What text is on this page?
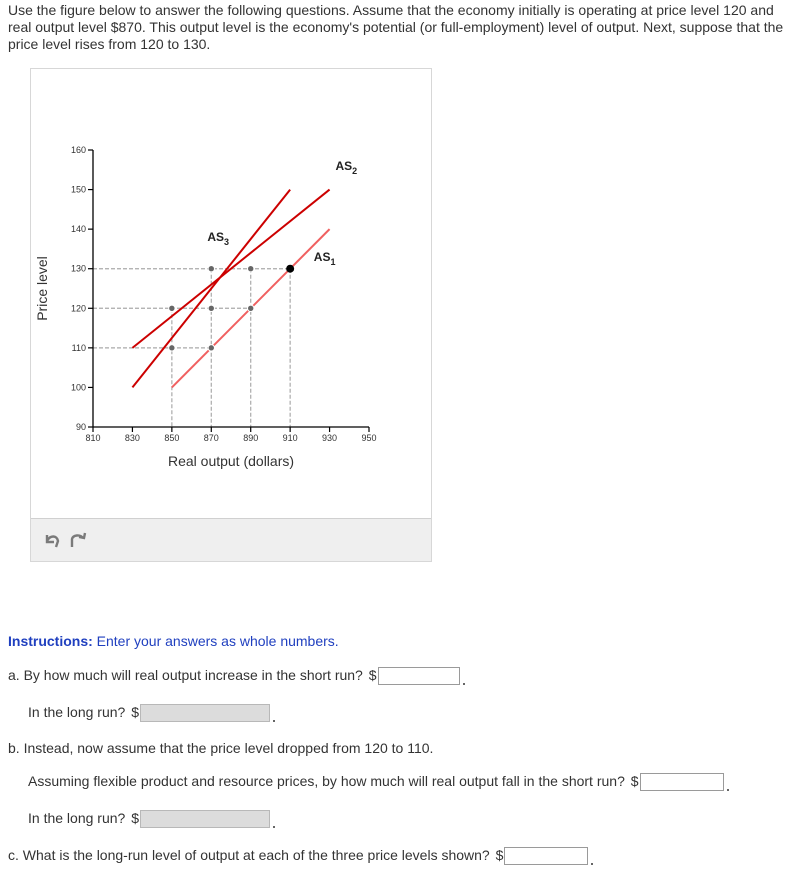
Use the figure below to answer the following questions. Assume that the economy initially is operating at price level 120 and real output level $870. This output level is the economy's potential (or full-employment) level of output. Next, suppose that the price level rises from 120 to 130.

90
100
110
120
130
140
150
160
810	830	850	870	890	910	930	950
Real output (dollars)
Price level
$AS_3$
$AS_2$
$AS_1$
Instructions: Enter your answers as whole numbers.
a. By how much will real output increase in the short run? $
In the long run? $
b. Instead, now assume that the price level dropped from 120 to 110.
Assuming flexible product and resource prices, by how much will real output fall in the short run? $
In the long run? $
c. What is the long-run level of output at each of the three price levels shown? $
